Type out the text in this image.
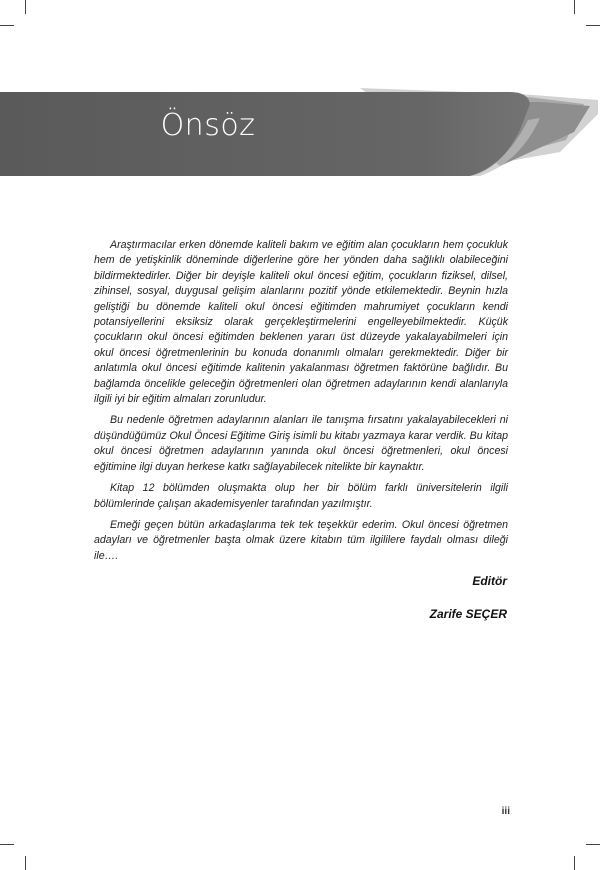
Önsöz

Araştırmacılar erken dönemde kaliteli bakım ve eğitim alan çocukların hem çocukluk hem de yetişkinlik döneminde diğerlerine göre her yönden daha sağlıklı olabileceğini bildirmektedirler. Diğer bir deyişle kaliteli okul öncesi eğitim, çocukların fiziksel, dilsel, zihinsel, sosyal, duygusal gelişim alanlarını pozitif yönde etkilemektedir. Beynin hızla geliştiği bu dönemde kaliteli okul öncesi eğitimden mahrumiyet çocukların kendi potansiyellerini eksiksiz olarak gerçekleştirmelerini engelleyebilmektedir. Küçük çocukların okul öncesi eğitimden beklenen yararı üst düzeyde yakalayabilmeleri için okul öncesi öğretmenlerinin bu konuda donanımlı olmaları gerekmektedir. Diğer bir anlatımla okul öncesi eğitimde kalitenin yakalanması öğretmen faktörüne bağlıdır. Bu bağlamda öncelikle geleceğin öğretmenleri olan öğretmen adaylarının kendi alanlarıyla ilgili iyi bir eğitim almaları zorunludur.

Bu nedenle öğretmen adaylarının alanları ile tanışma fırsatını yakalayabilecekleri ni düşündüğümüz Okul Öncesi Eğitime Giriş isimli bu kitabı yazmaya karar verdik. Bu kitap okul öncesi öğretmen adaylarının yanında okul öncesi öğretmenleri, okul öncesi eğitimine ilgi duyan herkese katkı sağlayabilecek nitelikte bir kaynaktır.

Kitap 12 bölümden oluşmakta olup her bir bölüm farklı üniversitelerin ilgili bölümlerinde çalışan akademisyenler tarafından yazılmıştır.

Emeği geçen bütün arkadaşlarıma tek tek teşekkür ederim. Okul öncesi öğretmen adayları ve öğretmenler başta olmak üzere kitabın tüm ilgililere faydalı olması dileği ile….

Editör
Zarife SEÇER
iii
